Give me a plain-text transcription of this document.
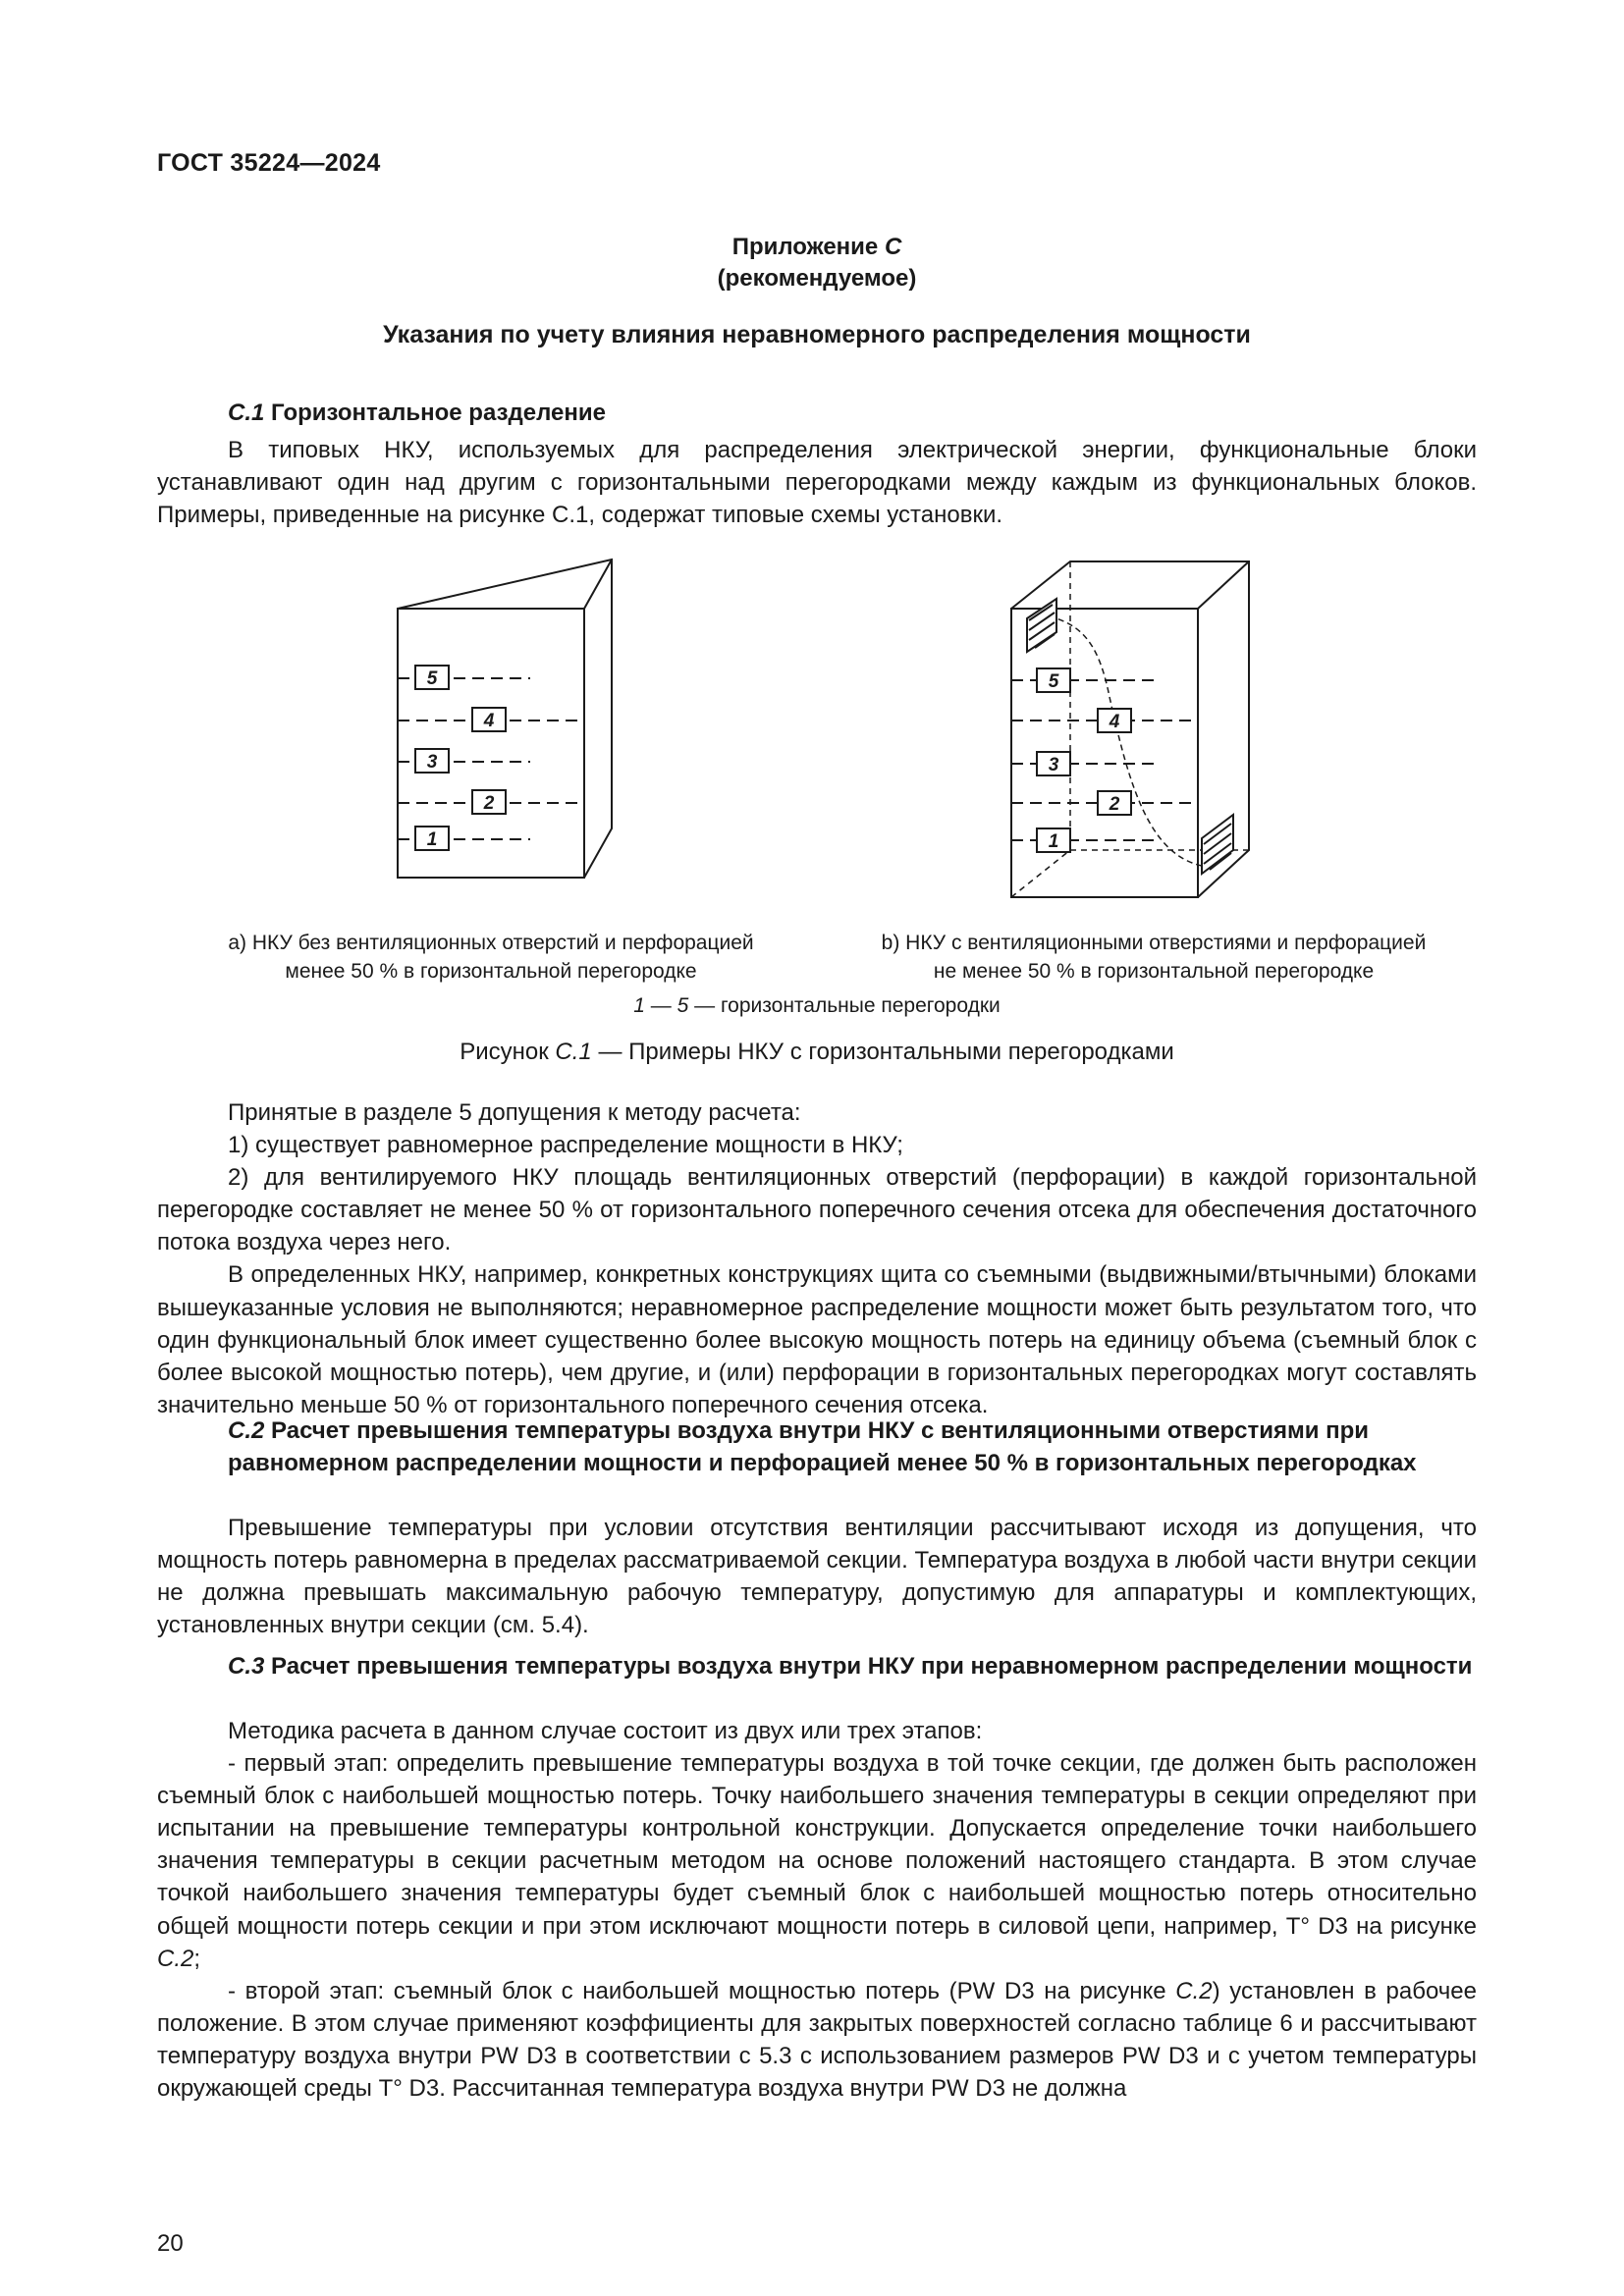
ГОСТ 35224—2024
Приложение C
(рекомендуемое)
Указания по учету влияния неравномерного распределения мощности
C.1 Горизонтальное разделение

В типовых НКУ, используемых для распределения электрической энергии, функциональные блоки устанавливают один над другим с горизонтальными перегородками между каждым из функциональных блоков. Примеры, приведенные на рисунке С.1, содержат типовые схемы установки.

5
4
3
2
1
5
4
3
2
1
а) НКУ без вентиляционных отверстий и перфорацией
менее 50 % в горизонтальной перегородке
b) НКУ с вентиляционными отверстиями и перфорацией
не менее 50 % в горизонтальной перегородке
1 — 5 — горизонтальные перегородки
Рисунок C.1 — Примеры НКУ с горизонтальными перегородками

Принятые в разделе 5 допущения к методу расчета:

1) существует равномерное распределение мощности в НКУ;

2) для вентилируемого НКУ площадь вентиляционных отверстий (перфорации) в каждой горизонтальной перегородке составляет не менее 50 % от горизонтального поперечного сечения отсека для обеспечения достаточного потока воздуха через него.

В определенных НКУ, например, конкретных конструкциях щита со съемными (выдвижными/втычными) блоками вышеуказанные условия не выполняются; неравномерное распределение мощности может быть результатом того, что один функциональный блок имеет существенно более высокую мощность потерь на единицу объема (съемный блок с более высокой мощностью потерь), чем другие, и (или) перфорации в горизонтальных перегородках могут составлять значительно меньше 50 % от горизонтального поперечного сечения отсека.

C.2 Расчет превышения температуры воздуха внутри НКУ с вентиляционными отверстиями при равномерном распределении мощности и перфорацией менее 50 % в горизонтальных перегородках

Превышение температуры при условии отсутствия вентиляции рассчитывают исходя из допущения, что мощность потерь равномерна в пределах рассматриваемой секции. Температура воздуха в любой части внутри секции не должна превышать максимальную рабочую температуру, допустимую для аппаратуры и комплектующих, установленных внутри секции (см. 5.4).

C.3 Расчет превышения температуры воздуха внутри НКУ при неравномерном распределении мощности

Методика расчета в данном случае состоит из двух или трех этапов:

- первый этап: определить превышение температуры воздуха в той точке секции, где должен быть расположен съемный блок с наибольшей мощностью потерь. Точку наибольшего значения температуры в секции определяют при испытании на превышение температуры контрольной конструкции. Допускается определение точки наибольшего значения температуры в секции расчетным методом на основе положений настоящего стандарта. В этом случае точкой наибольшего значения температуры будет съемный блок с наибольшей мощностью потерь относительно общей мощности потерь секции и при этом исключают мощности потерь в силовой цепи, например, T° D3 на рисунке C.2;

- второй этап: съемный блок с наибольшей мощностью потерь (PW D3 на рисунке C.2) установлен в рабочее положение. В этом случае применяют коэффициенты для закрытых поверхностей согласно таблице 6 и рассчитывают температуру воздуха внутри PW D3 в соответствии с 5.3 с использованием размеров PW D3 и с учетом температуры окружающей среды T° D3. Рассчитанная температура воздуха внутри PW D3 не должна

20
